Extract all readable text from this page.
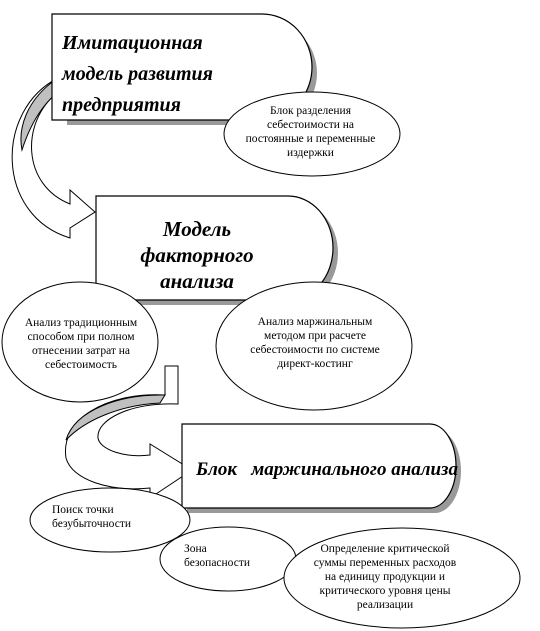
Имитационная модель развития предприятия
Модель факторного анализа
Блок   маржинального анализа
Блок разделения себестоимости на постоянные и переменные издержки
Анализ традиционным способом при полном отнесении затрат на себестоимость
Анализ маржинальным методом при расчете себестоимости по системе директ-костинг
Поиск точки безубыточности
Зона безопасности
Определение критической суммы переменных расходов на единицу продукции и критического уровня цены реализации
